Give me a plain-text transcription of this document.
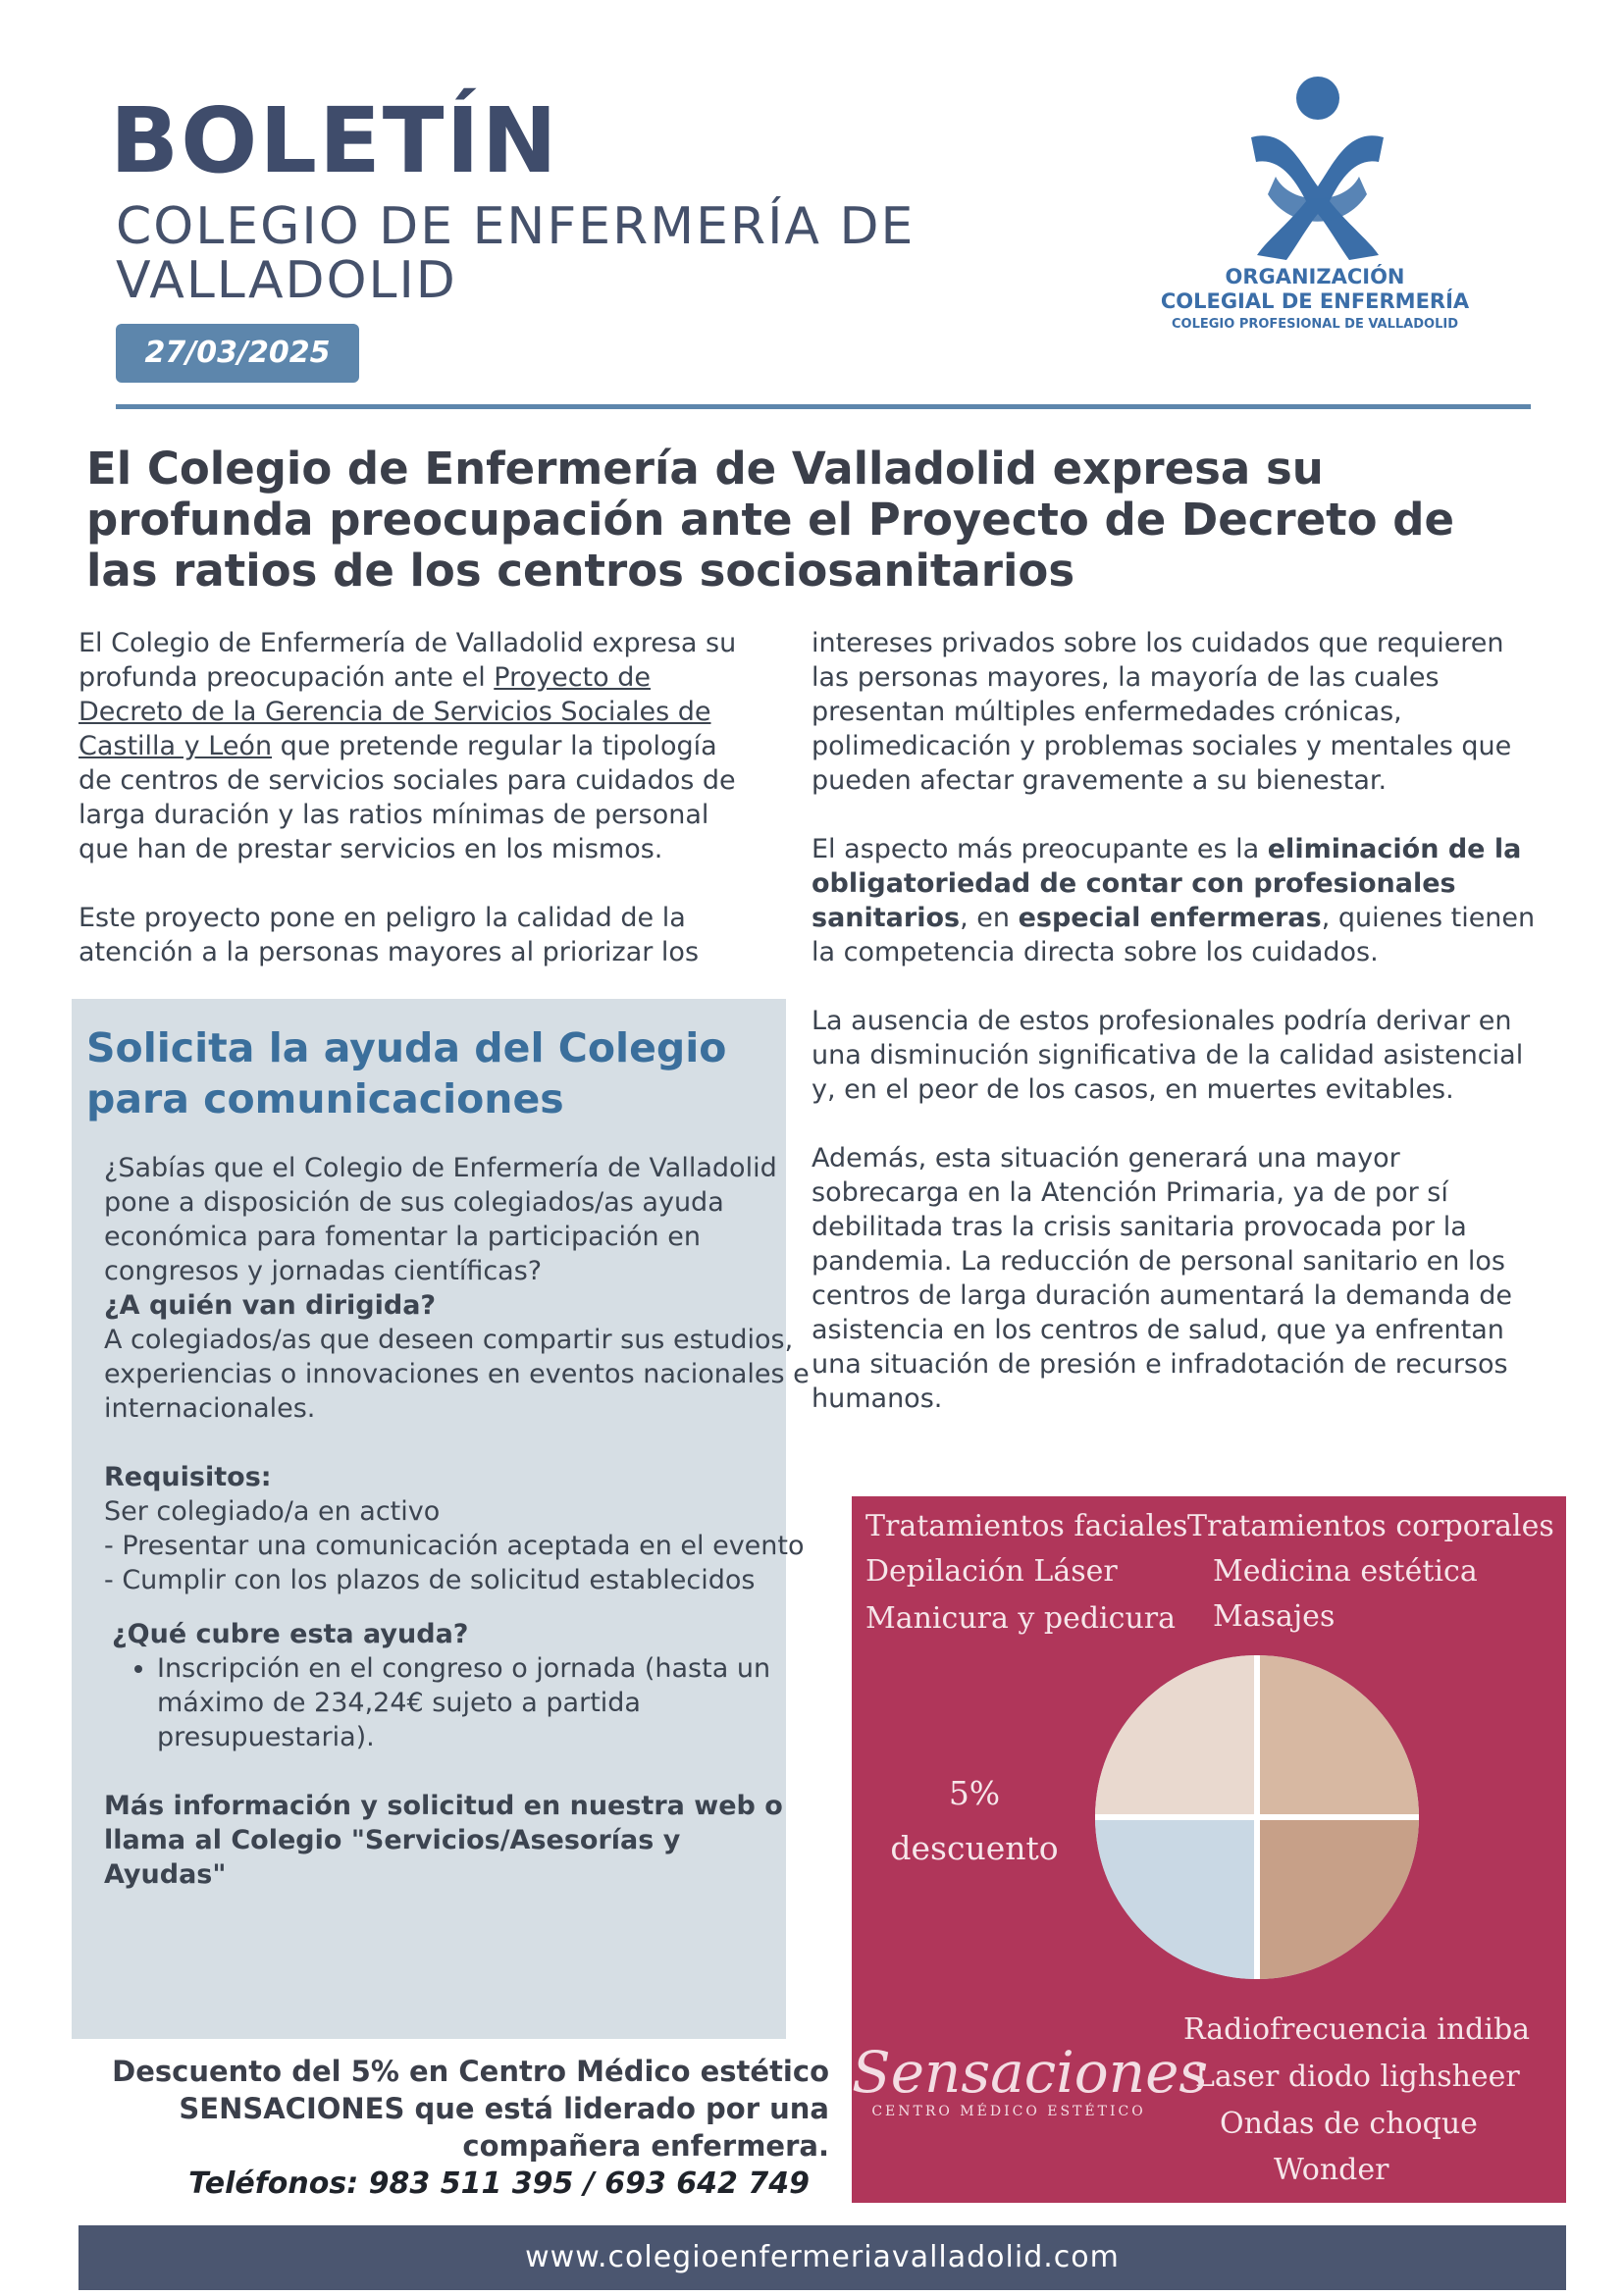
BOLETÍN
COLEGIO DE ENFERMERÍA DE
VALLADOLID
27/03/2025
ORGANIZACIÓN
COLEGIAL DE ENFERMERÍA
COLEGIO PROFESIONAL DE VALLADOLID
El Colegio de Enfermería de Valladolid expresa su profunda preocupación ante el Proyecto de Decreto de las ratios de los centros sociosanitarios

El Colegio de Enfermería de Valladolid expresa su profunda preocupación ante el Proyecto de Decreto de la Gerencia de Servicios Sociales de Castilla y León que pretende regular la tipología de centros de servicios sociales para cuidados de larga duración y las ratios mínimas de personal que han de prestar servicios en los mismos.

Este proyecto pone en peligro la calidad de la atención a la personas mayores al priorizar los

intereses privados sobre los cuidados que requieren las personas mayores, la mayoría de las cuales presentan múltiples enfermedades crónicas, polimedicación y problemas sociales y mentales que pueden afectar gravemente a su bienestar.

El aspecto más preocupante es la eliminación de la obligatoriedad de contar con profesionales sanitarios, en especial enfermeras, quienes tienen la competencia directa sobre los cuidados.

La ausencia de estos profesionales podría derivar en una disminución significativa de la calidad asistencial y, en el peor de los casos, en muertes evitables.

Además, esta situación generará una mayor sobrecarga en la Atención Primaria, ya de por sí debilitada tras la crisis sanitaria provocada por la pandemia. La reducción de personal sanitario en los centros de larga duración aumentará la demanda de asistencia en los centros de salud, que ya enfrentan una situación de presión e infradotación de recursos humanos.

Solicita la ayuda del Colegio para comunicaciones

¿Sabías que el Colegio de Enfermería de Valladolid pone a disposición de sus colegiados/as ayuda económica para fomentar la participación en congresos y jornadas científicas?

¿A quién van dirigida?

A colegiados/as que deseen compartir sus estudios, experiencias o innovaciones en eventos nacionales e internacionales.

Requisitos:

Ser colegiado/a en activo

- Presentar una comunicación aceptada en el evento

- Cumplir con los plazos de solicitud establecidos

¿Qué cubre esta ayuda?

• Inscripción en el congreso o jornada (hasta un máximo de 234,24€ sujeto a partida presupuestaria).

Más información y solicitud en nuestra web o llama al Colegio "Servicios/Asesorías y Ayudas"

Tratamientos faciales
Depilación Láser
Manicura y pedicura
Tratamientos corporales
Medicina estética
Masajes
5%
descuento
Radiofrecuencia indiba
Laser diodo lighsheer
Ondas de choque
Wonder
Sensaciones
CENTRO MÉDICO ESTÉTICO
Descuento del 5% en Centro Médico estético SENSACIONES que está liderado por una compañera enfermera.
Teléfonos: 983 511 395 / 693 642 749
www.colegioenfermeriavalladolid.com
